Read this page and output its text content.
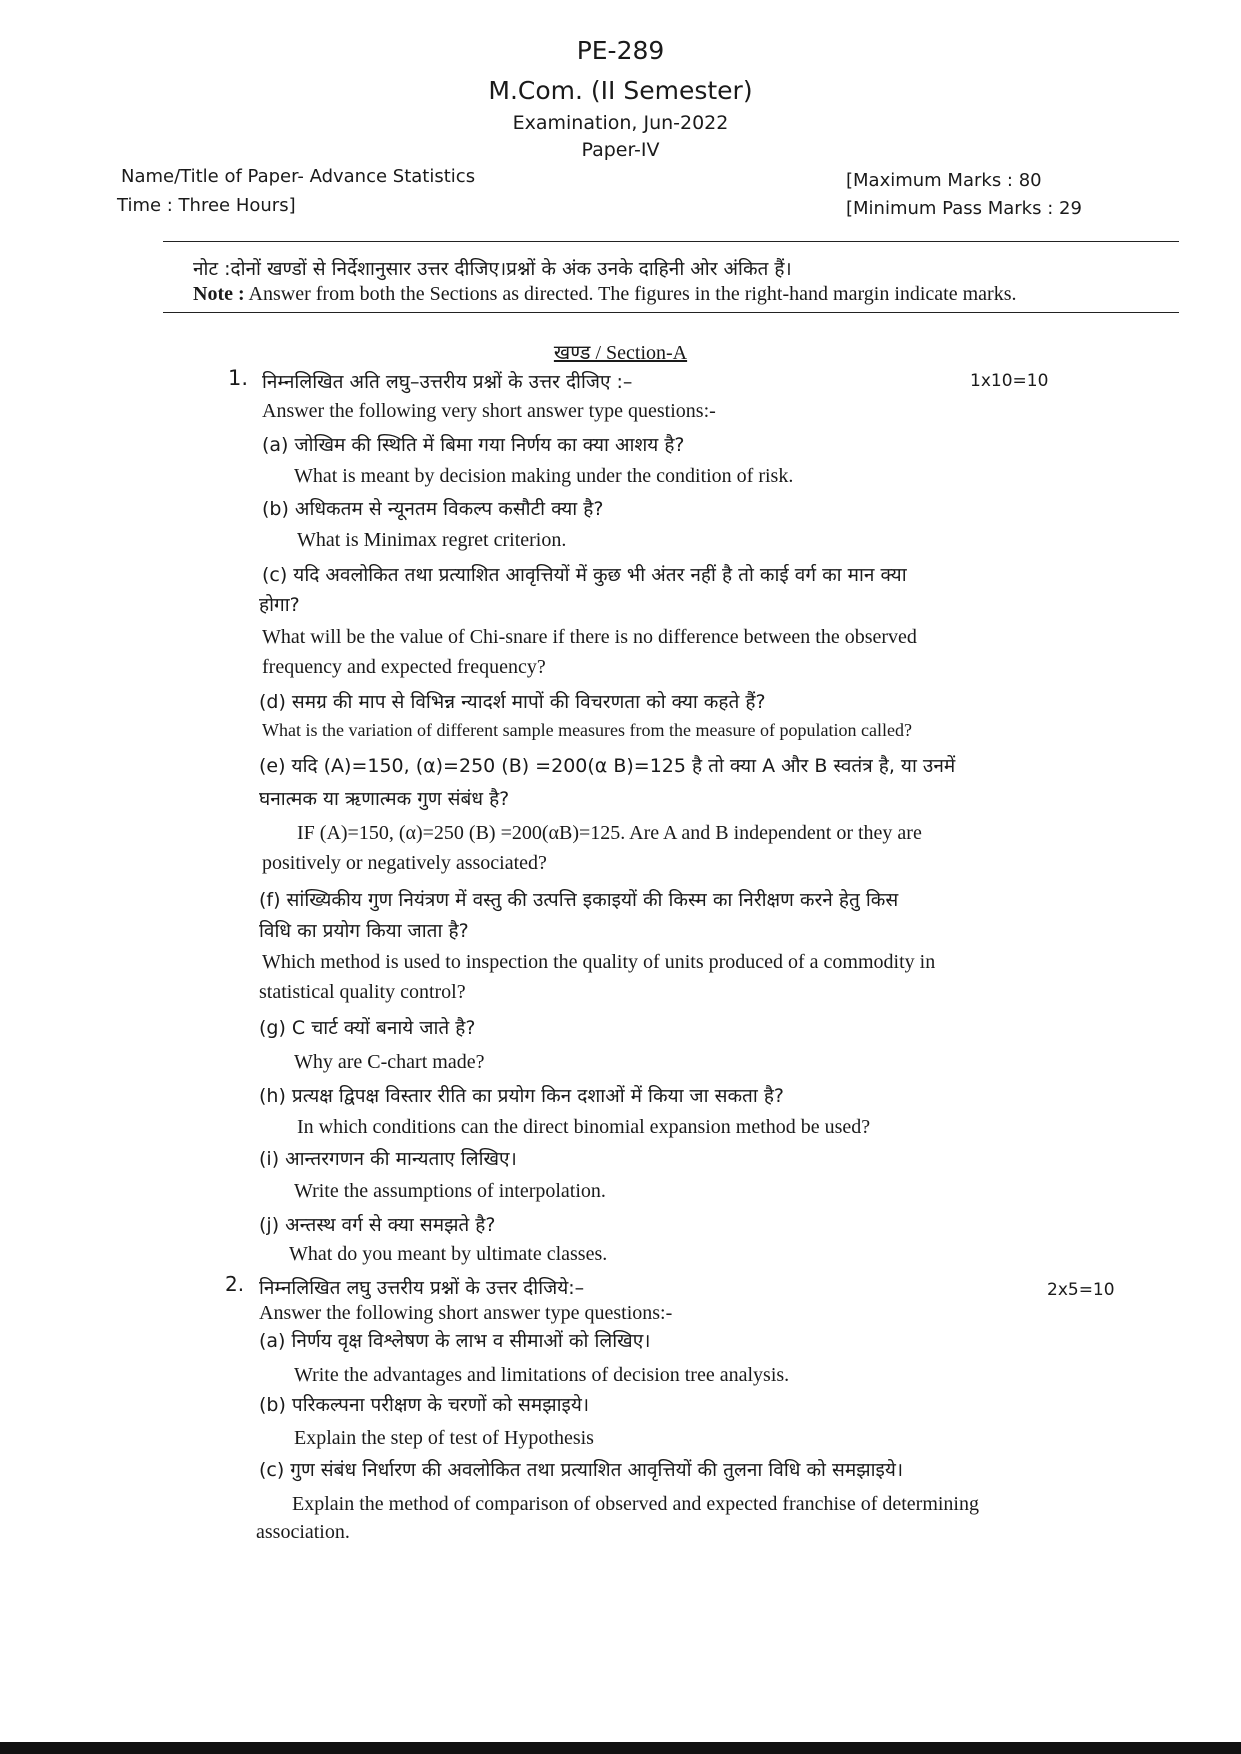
PE-289
M.Com. (II Semester)
Examination, Jun-2022
Paper-IV
Name/Title of Paper- Advance Statistics
Time : Three Hours]
[Maximum Marks : 80
[Minimum Pass Marks : 29
नोट :दोनों खण्डों से निर्देशानुसार उत्तर दीजिए।प्रश्नों के अंक उनके दाहिनी ओर अंकित हैं।
Note : Answer from both the Sections as directed. The figures in the right-hand margin indicate marks.
खण्ड / Section-A
1. निम्नलिखित अति लघु–उत्तरीय प्रश्नों के उत्तर दीजिए :–	1x10=10
Answer the following very short answer type questions:-
(a) जोखिम की स्थिति में बिमा गया निर्णय का क्या आशय है?
What is meant by decision making under the condition of risk.
(b) अधिकतम से न्यूनतम विकल्प कसौटी क्या है?
What is Minimax regret criterion.
(c) यदि अवलोकित तथा प्रत्याशित आवृत्तियों में कुछ भी अंतर नहीं है तो काई वर्ग का मान क्या
होगा?
What will be the value of Chi-snare if there is no difference between the observed
frequency and expected frequency?
(d) समग्र की माप से विभिन्न न्यादर्श मापों की विचरणता को क्या कहते हैं?
What is the variation of different sample measures from the measure of population called?
(e) यदि (A)=150, (α)=250 (B) =200(α B)=125 है तो क्या A और B स्वतंत्र है, या उनमें
घनात्मक या ऋणात्मक गुण संबंध है?
IF (A)=150, (α)=250 (B) =200(αB)=125. Are A and B independent or they are
positively or negatively associated?
(f) सांख्यिकीय गुण नियंत्रण में वस्तु की उत्पत्ति इकाइयों की किस्म का निरीक्षण करने हेतु किस
विधि का प्रयोग किया जाता है?
Which method is used to inspection the quality of units produced of a commodity in
statistical quality control?
(g) C चार्ट क्यों बनाये जाते है?
Why are C-chart made?
(h) प्रत्यक्ष द्विपक्ष विस्तार रीति का प्रयोग किन दशाओं में किया जा सकता है?
In which conditions can the direct binomial expansion method be used?
(i) आन्तरगणन की मान्यताए लिखिए।
Write the assumptions of interpolation.
(j) अन्तस्थ वर्ग से क्या समझते है?
What do you meant by ultimate classes.
2. निम्नलिखित लघु उत्तरीय प्रश्नों के उत्तर दीजिये:–	2x5=10
Answer the following short answer type questions:-
(a) निर्णय वृक्ष विश्लेषण के लाभ व सीमाओं को लिखिए।
Write the advantages and limitations of decision tree analysis.
(b) परिकल्पना परीक्षण के चरणों को समझाइये।
Explain the step of test of Hypothesis
(c) गुण संबंध निर्धारण की अवलोकित तथा प्रत्याशित आवृत्तियों की तुलना विधि को समझाइये।
Explain the method of comparison of observed and expected franchise of determining
association.
